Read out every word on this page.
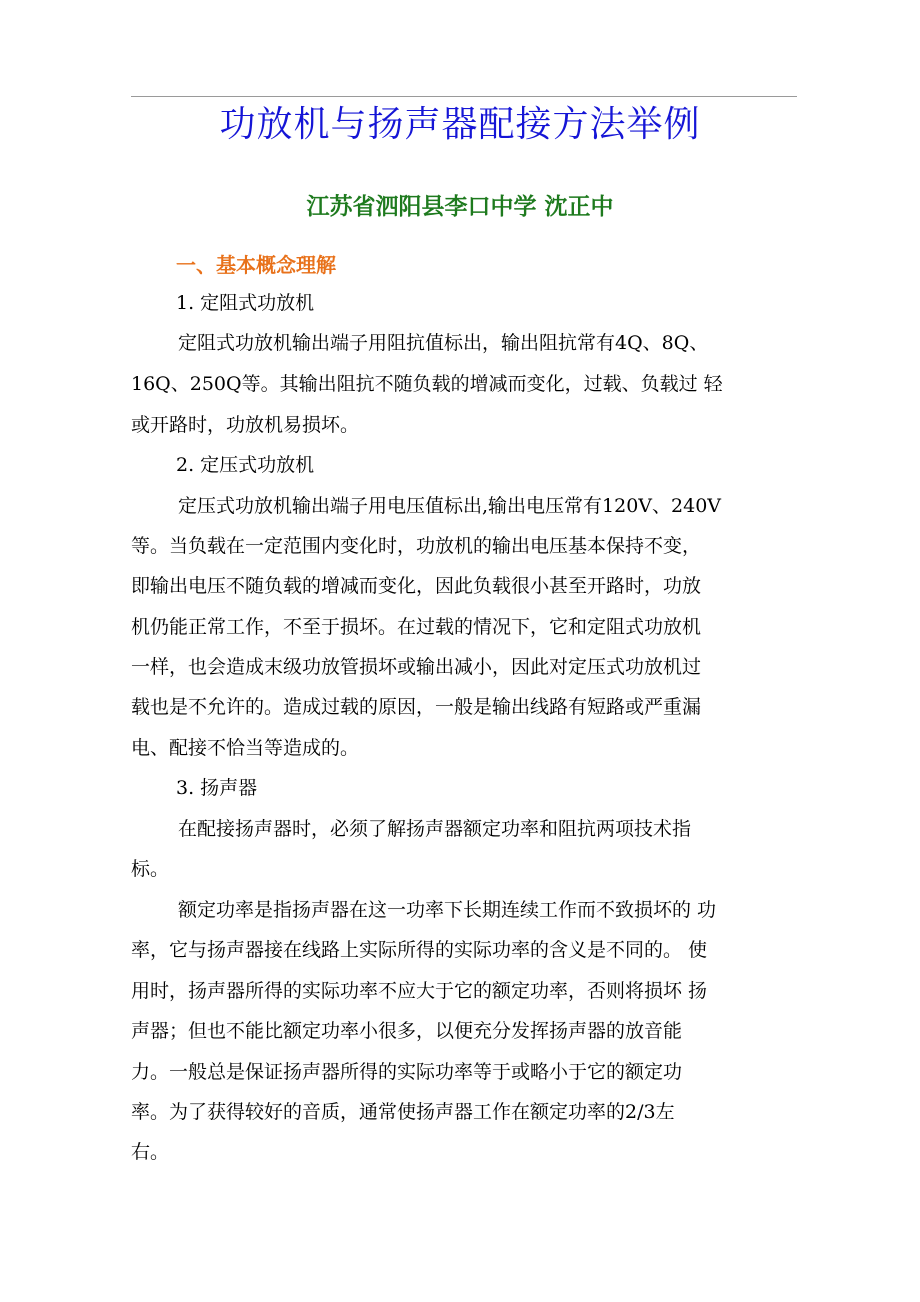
功放机与扬声器配接方法举例
江苏省泗阳县李口中学 沈正中
一、基本概念理解
1. 定阻式功放机
定阻式功放机输出端子用阻抗值标出，输出阻抗常有4Q、8Q、
16Q、250Q等。其输出阻抗不随负载的增减而变化，过载、负载过 轻
或开路时，功放机易损坏。
2. 定压式功放机
定压式功放机输出端子用电压值标出,输出电压常有120V、240V
等。当负载在一定范围内变化时，功放机的输出电压基本保持不变，
即输出电压不随负载的增减而变化，因此负载很小甚至开路时，功放
机仍能正常工作，不至于损坏。在过载的情况下，它和定阻式功放机
一样，也会造成末级功放管损坏或输出减小，因此对定压式功放机过
载也是不允许的。造成过载的原因，一般是输出线路有短路或严重漏
电、配接不恰当等造成的。
3. 扬声器
在配接扬声器时，必须了解扬声器额定功率和阻抗两项技术指
标。
额定功率是指扬声器在这一功率下长期连续工作而不致损坏的 功
率，它与扬声器接在线路上实际所得的实际功率的含义是不同的。 使
用时，扬声器所得的实际功率不应大于它的额定功率，否则将损坏 扬
声器；但也不能比额定功率小很多，以便充分发挥扬声器的放音能
力。一般总是保证扬声器所得的实际功率等于或略小于它的额定功
率。为了获得较好的音质，通常使扬声器工作在额定功率的2/3左
右。
